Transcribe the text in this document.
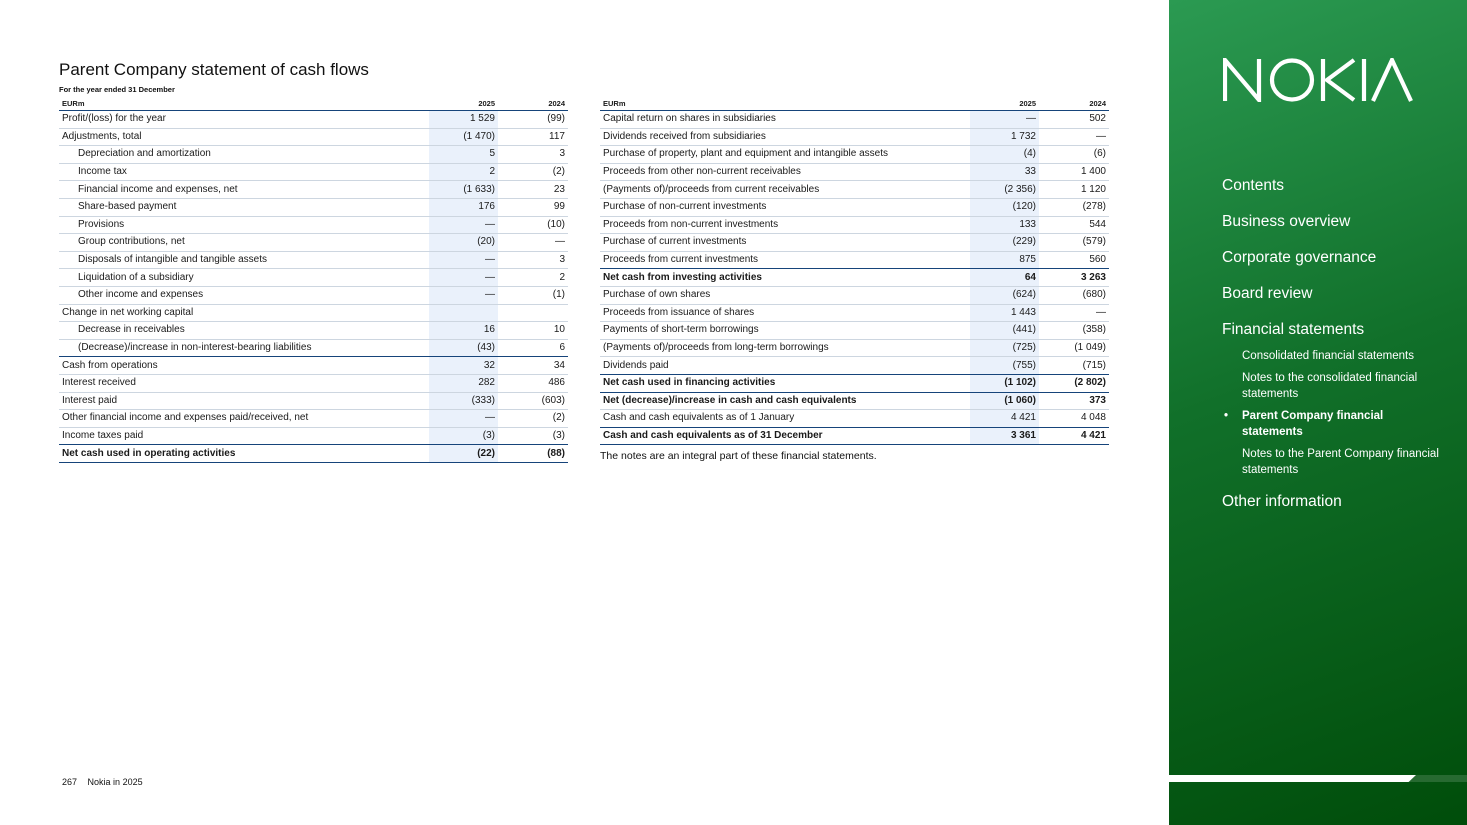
Parent Company statement of cash flows
For the year ended 31 December
EURm	2025	2024
Profit/(loss) for the year	1 529	(99)
Adjustments, total	(1 470)	117
Depreciation and amortization	5	3
Income tax	2	(2)
Financial income and expenses, net	(1 633)	23
Share-based payment	176	99
Provisions	—	(10)
Group contributions, net	(20)	—
Disposals of intangible and tangible assets	—	3
Liquidation of a subsidiary	—	2
Other income and expenses	—	(1)
Change in net working capital		
Decrease in receivables	16	10
(Decrease)/increase in non-interest-bearing liabilities	(43)	6
Cash from operations	32	34
Interest received	282	486
Interest paid	(333)	(603)
Other financial income and expenses paid/received, net	—	(2)
Income taxes paid	(3)	(3)
Net cash used in operating activities	(22)	(88)
EURm	2025	2024
Capital return on shares in subsidiaries	—	502
Dividends received from subsidiaries	1 732	—
Purchase of property, plant and equipment and intangible assets	(4)	(6)
Proceeds from other non-current receivables	33	1 400
(Payments of)/proceeds from current receivables	(2 356)	1 120
Purchase of non-current investments	(120)	(278)
Proceeds from non-current investments	133	544
Purchase of current investments	(229)	(579)
Proceeds from current investments	875	560
Net cash from investing activities	64	3 263
Purchase of own shares	(624)	(680)
Proceeds from issuance of shares	1 443	—
Payments of short-term borrowings	(441)	(358)
(Payments of)/proceeds from long-term borrowings	(725)	(1 049)
Dividends paid	(755)	(715)
Net cash used in financing activities	(1 102)	(2 802)
Net (decrease)/increase in cash and cash equivalents	(1 060)	373
Cash and cash equivalents as of 1 January	4 421	4 048
Cash and cash equivalents as of 31 December	3 361	4 421
The notes are an integral part of these financial statements.
267 Nokia in 2025
Contents
Business overview
Corporate governance
Board review
Financial statements
Consolidated financial statements
Notes to the consolidated financial statements
• Parent Company financial statements
Notes to the Parent Company financial statements
Other information
